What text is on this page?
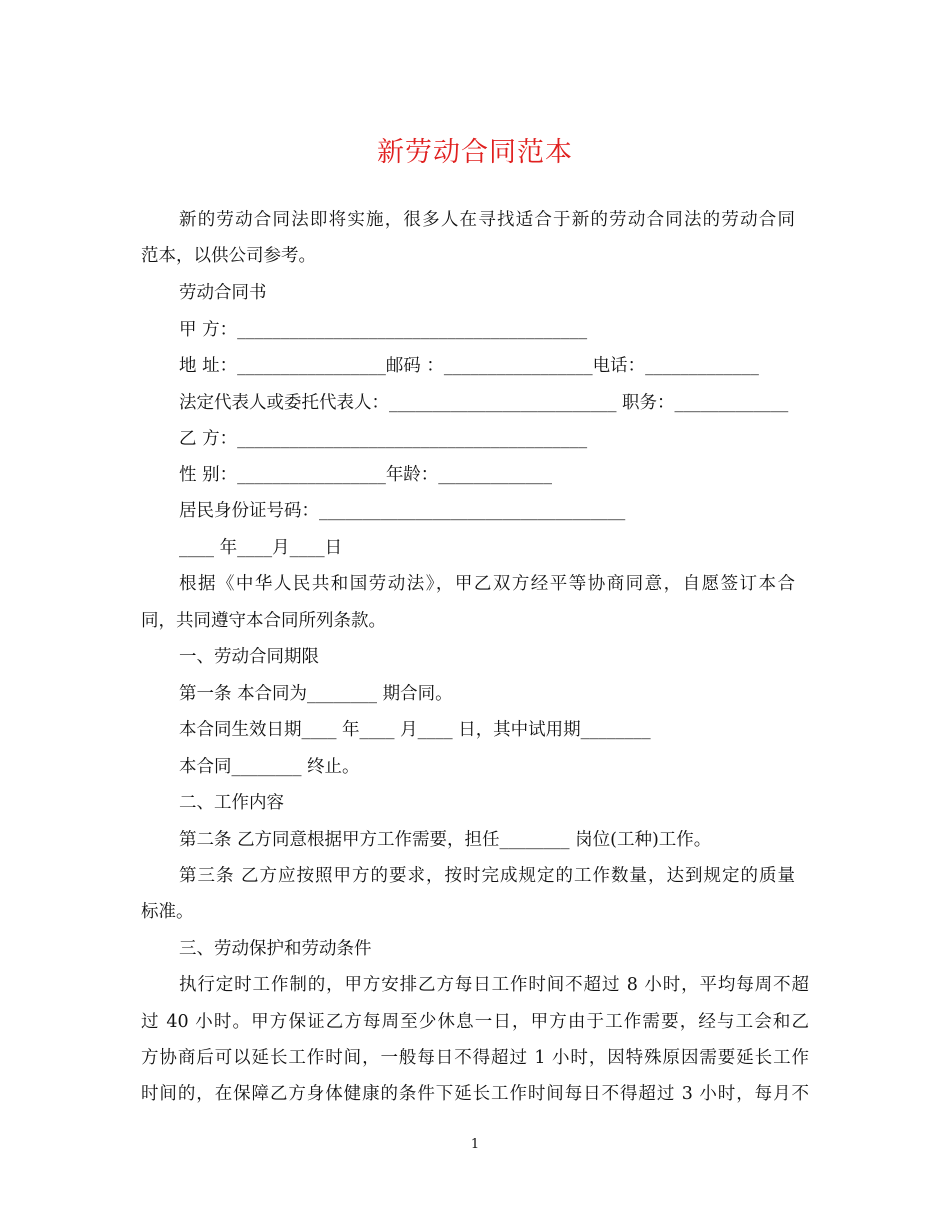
新劳动合同范本
新的劳动合同法即将实施，很多人在寻找适合于新的劳动合同法的劳动合同
范本，以供公司参考。
劳动合同书
甲 方：________________________________________
地 址：_________________邮码 ：_________________电话：_____________
法定代表人或委托代表人：__________________________ 职务：_____________
乙 方：________________________________________
性 别：_________________年龄：_____________
居民身份证号码：___________________________________
____ 年____月____日
根据《中华人民共和国劳动法》，甲乙双方经平等协商同意，自愿签订本合
同，共同遵守本合同所列条款。
一、劳动合同期限
第一条 本合同为________ 期合同。
本合同生效日期____ 年____ 月____ 日，其中试用期________
本合同________ 终止。
二、工作内容
第二条 乙方同意根据甲方工作需要，担任________ 岗位(工种)工作。
第三条 乙方应按照甲方的要求，按时完成规定的工作数量，达到规定的质量
标准。
三、劳动保护和劳动条件
执行定时工作制的，甲方安排乙方每日工作时间不超过 8 小时，平均每周不超
过 40 小时。甲方保证乙方每周至少休息一日，甲方由于工作需要，经与工会和乙
方协商后可以延长工作时间，一般每日不得超过 1 小时，因特殊原因需要延长工作
时间的，在保障乙方身体健康的条件下延长工作时间每日不得超过 3 小时，每月不
1
